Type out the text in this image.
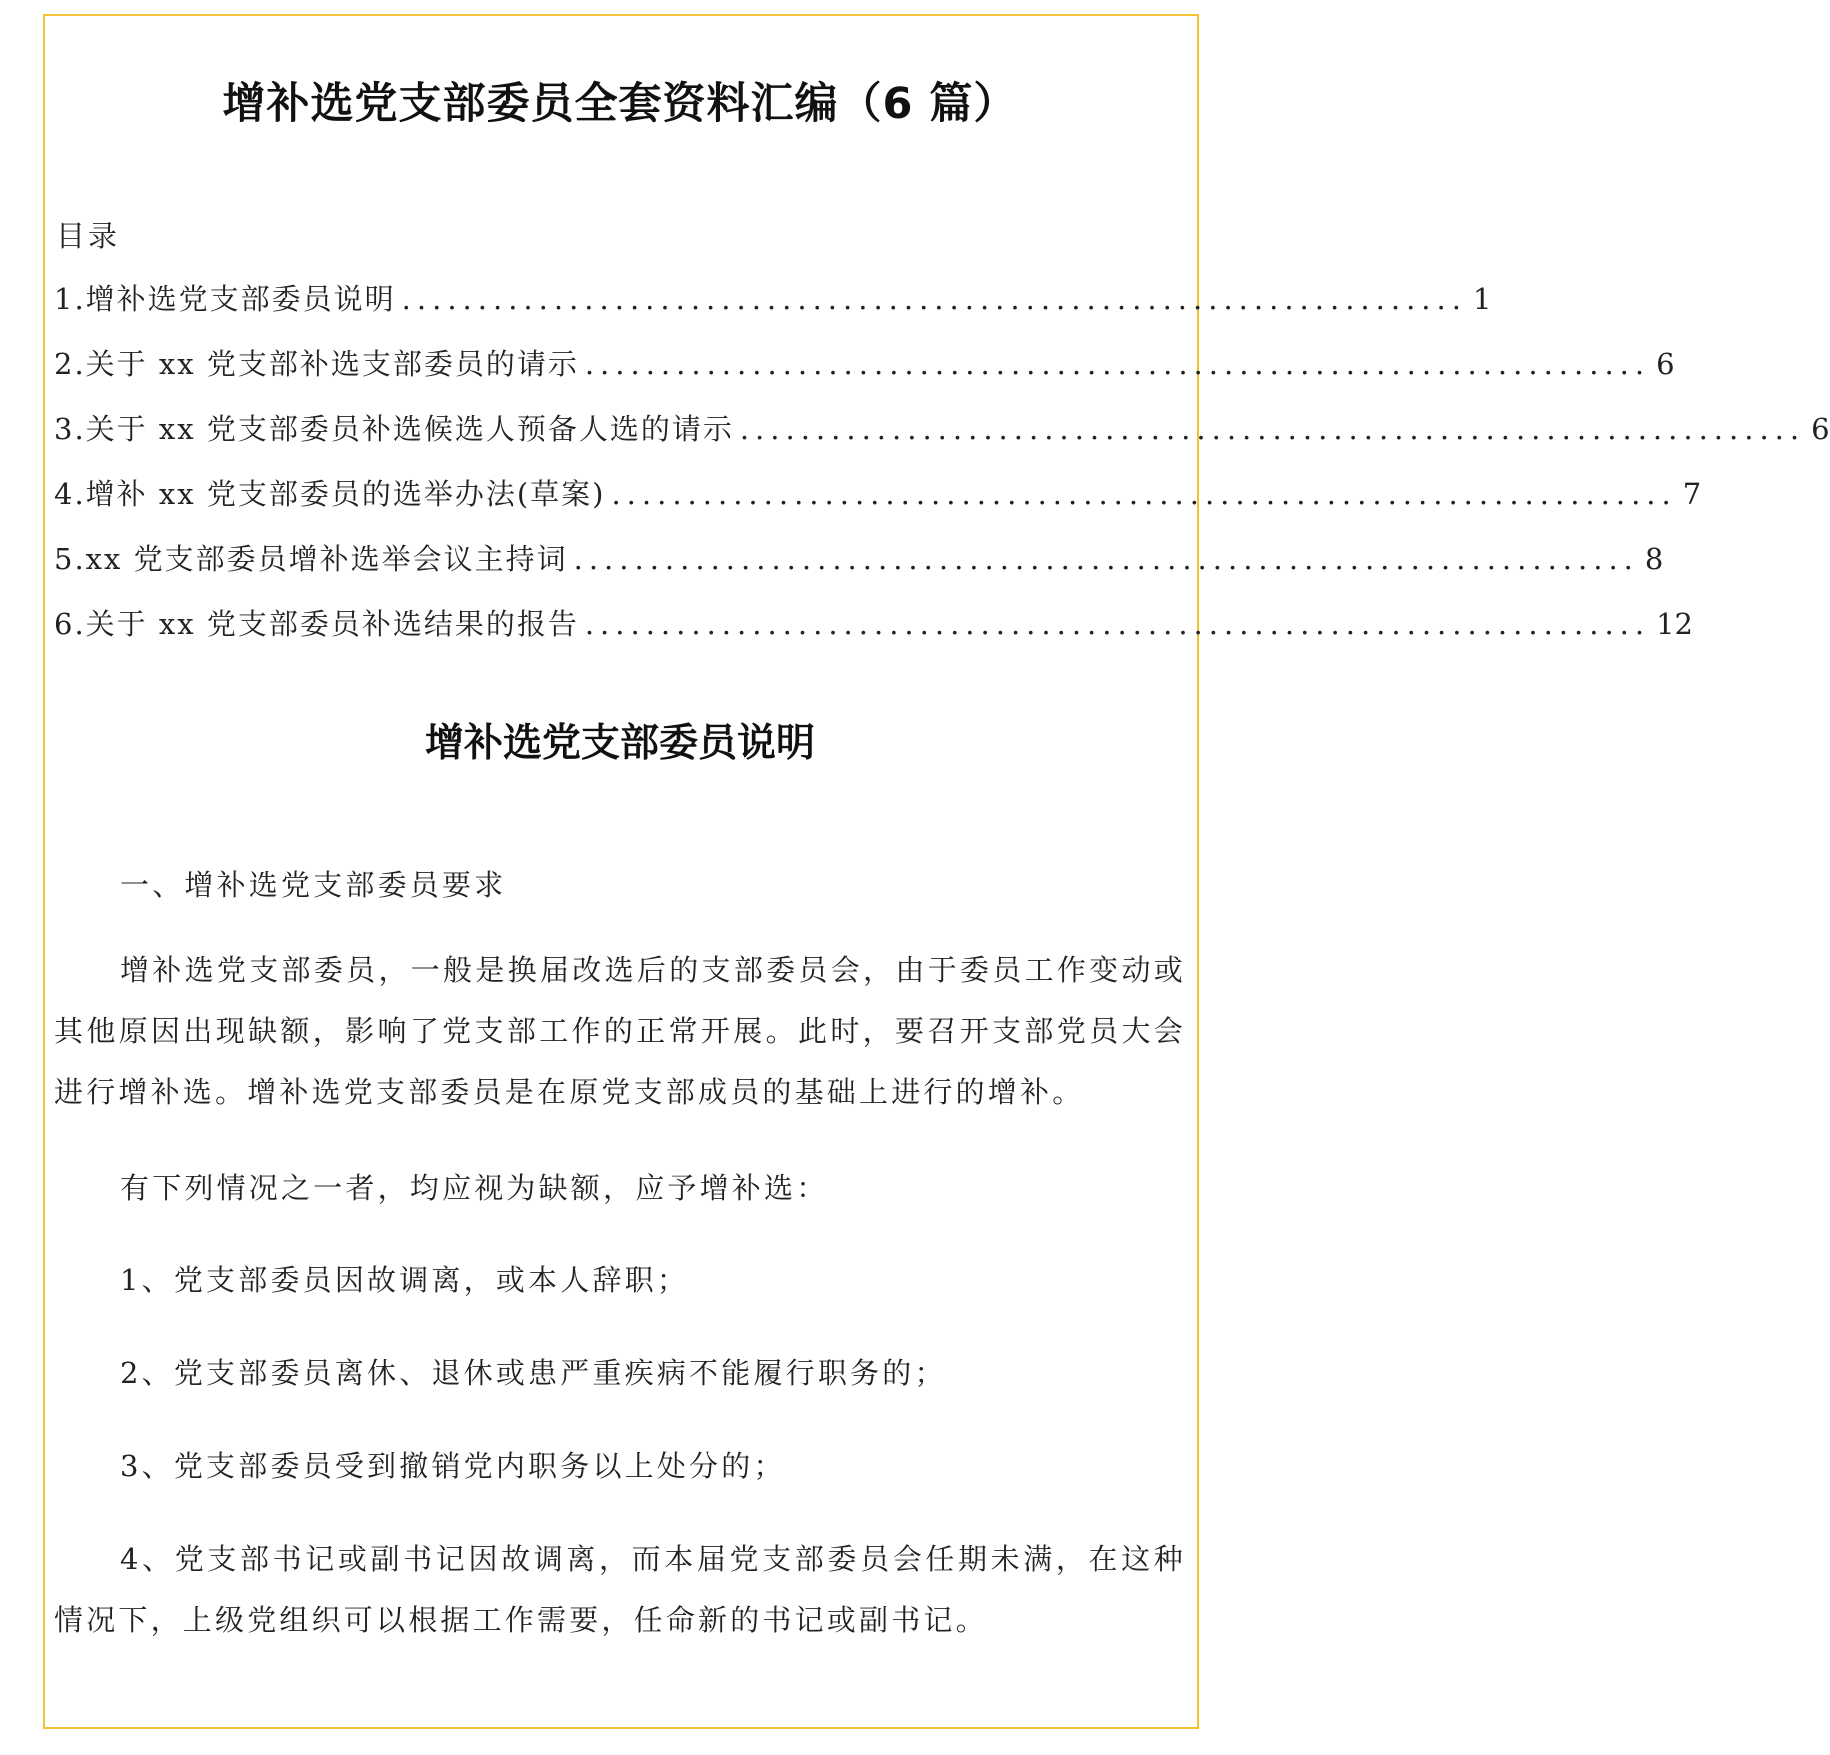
增补选党支部委员全套资料汇编（6 篇）

目录

1.增补选党支部委员说明 ...................................................................... 1
2.关于 xx 党支部补选支部委员的请示 ...................................................................... 6
3.关于 xx 党支部委员补选候选人预备人选的请示 ...................................................................... 6
4.增补 xx 党支部委员的选举办法(草案) ...................................................................... 7
5.xx 党支部委员增补选举会议主持词 ...................................................................... 8
6.关于 xx 党支部委员补选结果的报告 ...................................................................... 12
增补选党支部委员说明

一、增补选党支部委员要求

增补选党支部委员，一般是换届改选后的支部委员会，由于委员工作变动或其他原因出现缺额，影响了党支部工作的正常开展。此时，要召开支部党员大会进行增补选。增补选党支部委员是在原党支部成员的基础上进行的增补。

有下列情况之一者，均应视为缺额，应予增补选：

1、党支部委员因故调离，或本人辞职；

2、党支部委员离休、退休或患严重疾病不能履行职务的；

3、党支部委员受到撤销党内职务以上处分的；

4、党支部书记或副书记因故调离，而本届党支部委员会任期未满，在这种情况下，上级党组织可以根据工作需要，任命新的书记或副书记。
